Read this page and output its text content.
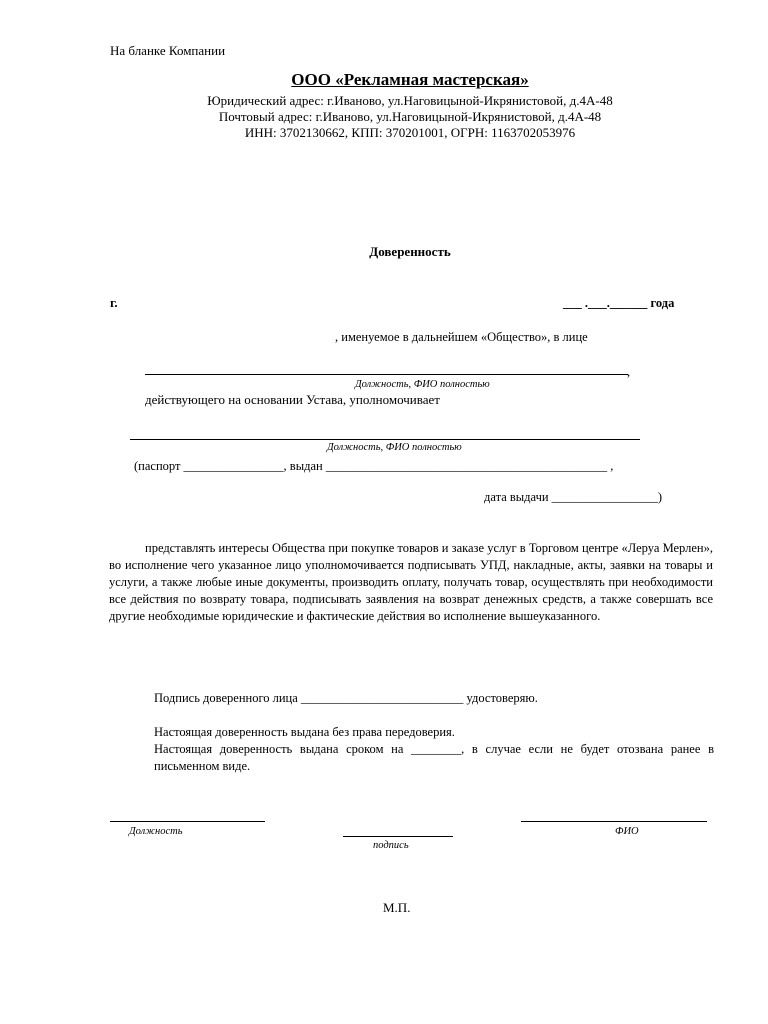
На бланке Компании
ООО «Рекламная мастерская»
Юридический адрес: г.Иваново, ул.Наговицыной-Икрянистовой, д.4А-48
Почтовый адрес: г.Иваново, ул.Наговицыной-Икрянистовой, д.4А-48
ИНН: 3702130662, КПП: 370201001, ОГРН: 1163702053976
Доверенность
г.	___ .___.______ года
, именуемое в дальнейшем «Общество», в лице
,
Должность, ФИО полностью
действующего на основании Устава, уполномочивает
Должность, ФИО полностью
(паспорт ________________, выдан _____________________________________________ ,
дата выдачи _________________)
представлять интересы Общества при покупке товаров и заказе услуг в Торговом центре «Леруа Мерлен», во исполнение чего указанное лицо уполномочивается подписывать УПД, накладные, акты, заявки на товары и услуги, а также любые иные документы, производить оплату, получать товар, осуществлять при необходимости все действия по возврату товара, подписывать заявления на возврат денежных средств, а также совершать все другие необходимые юридические и фактические действия во исполнение вышеуказанного.
Подпись доверенного лица __________________________ удостоверяю.
Настоящая доверенность выдана без права передоверия.
Настоящая доверенность выдана сроком на ________, в случае если не будет отозвана ранее в письменном виде.
Должность
подпись
ФИО
М.П.
